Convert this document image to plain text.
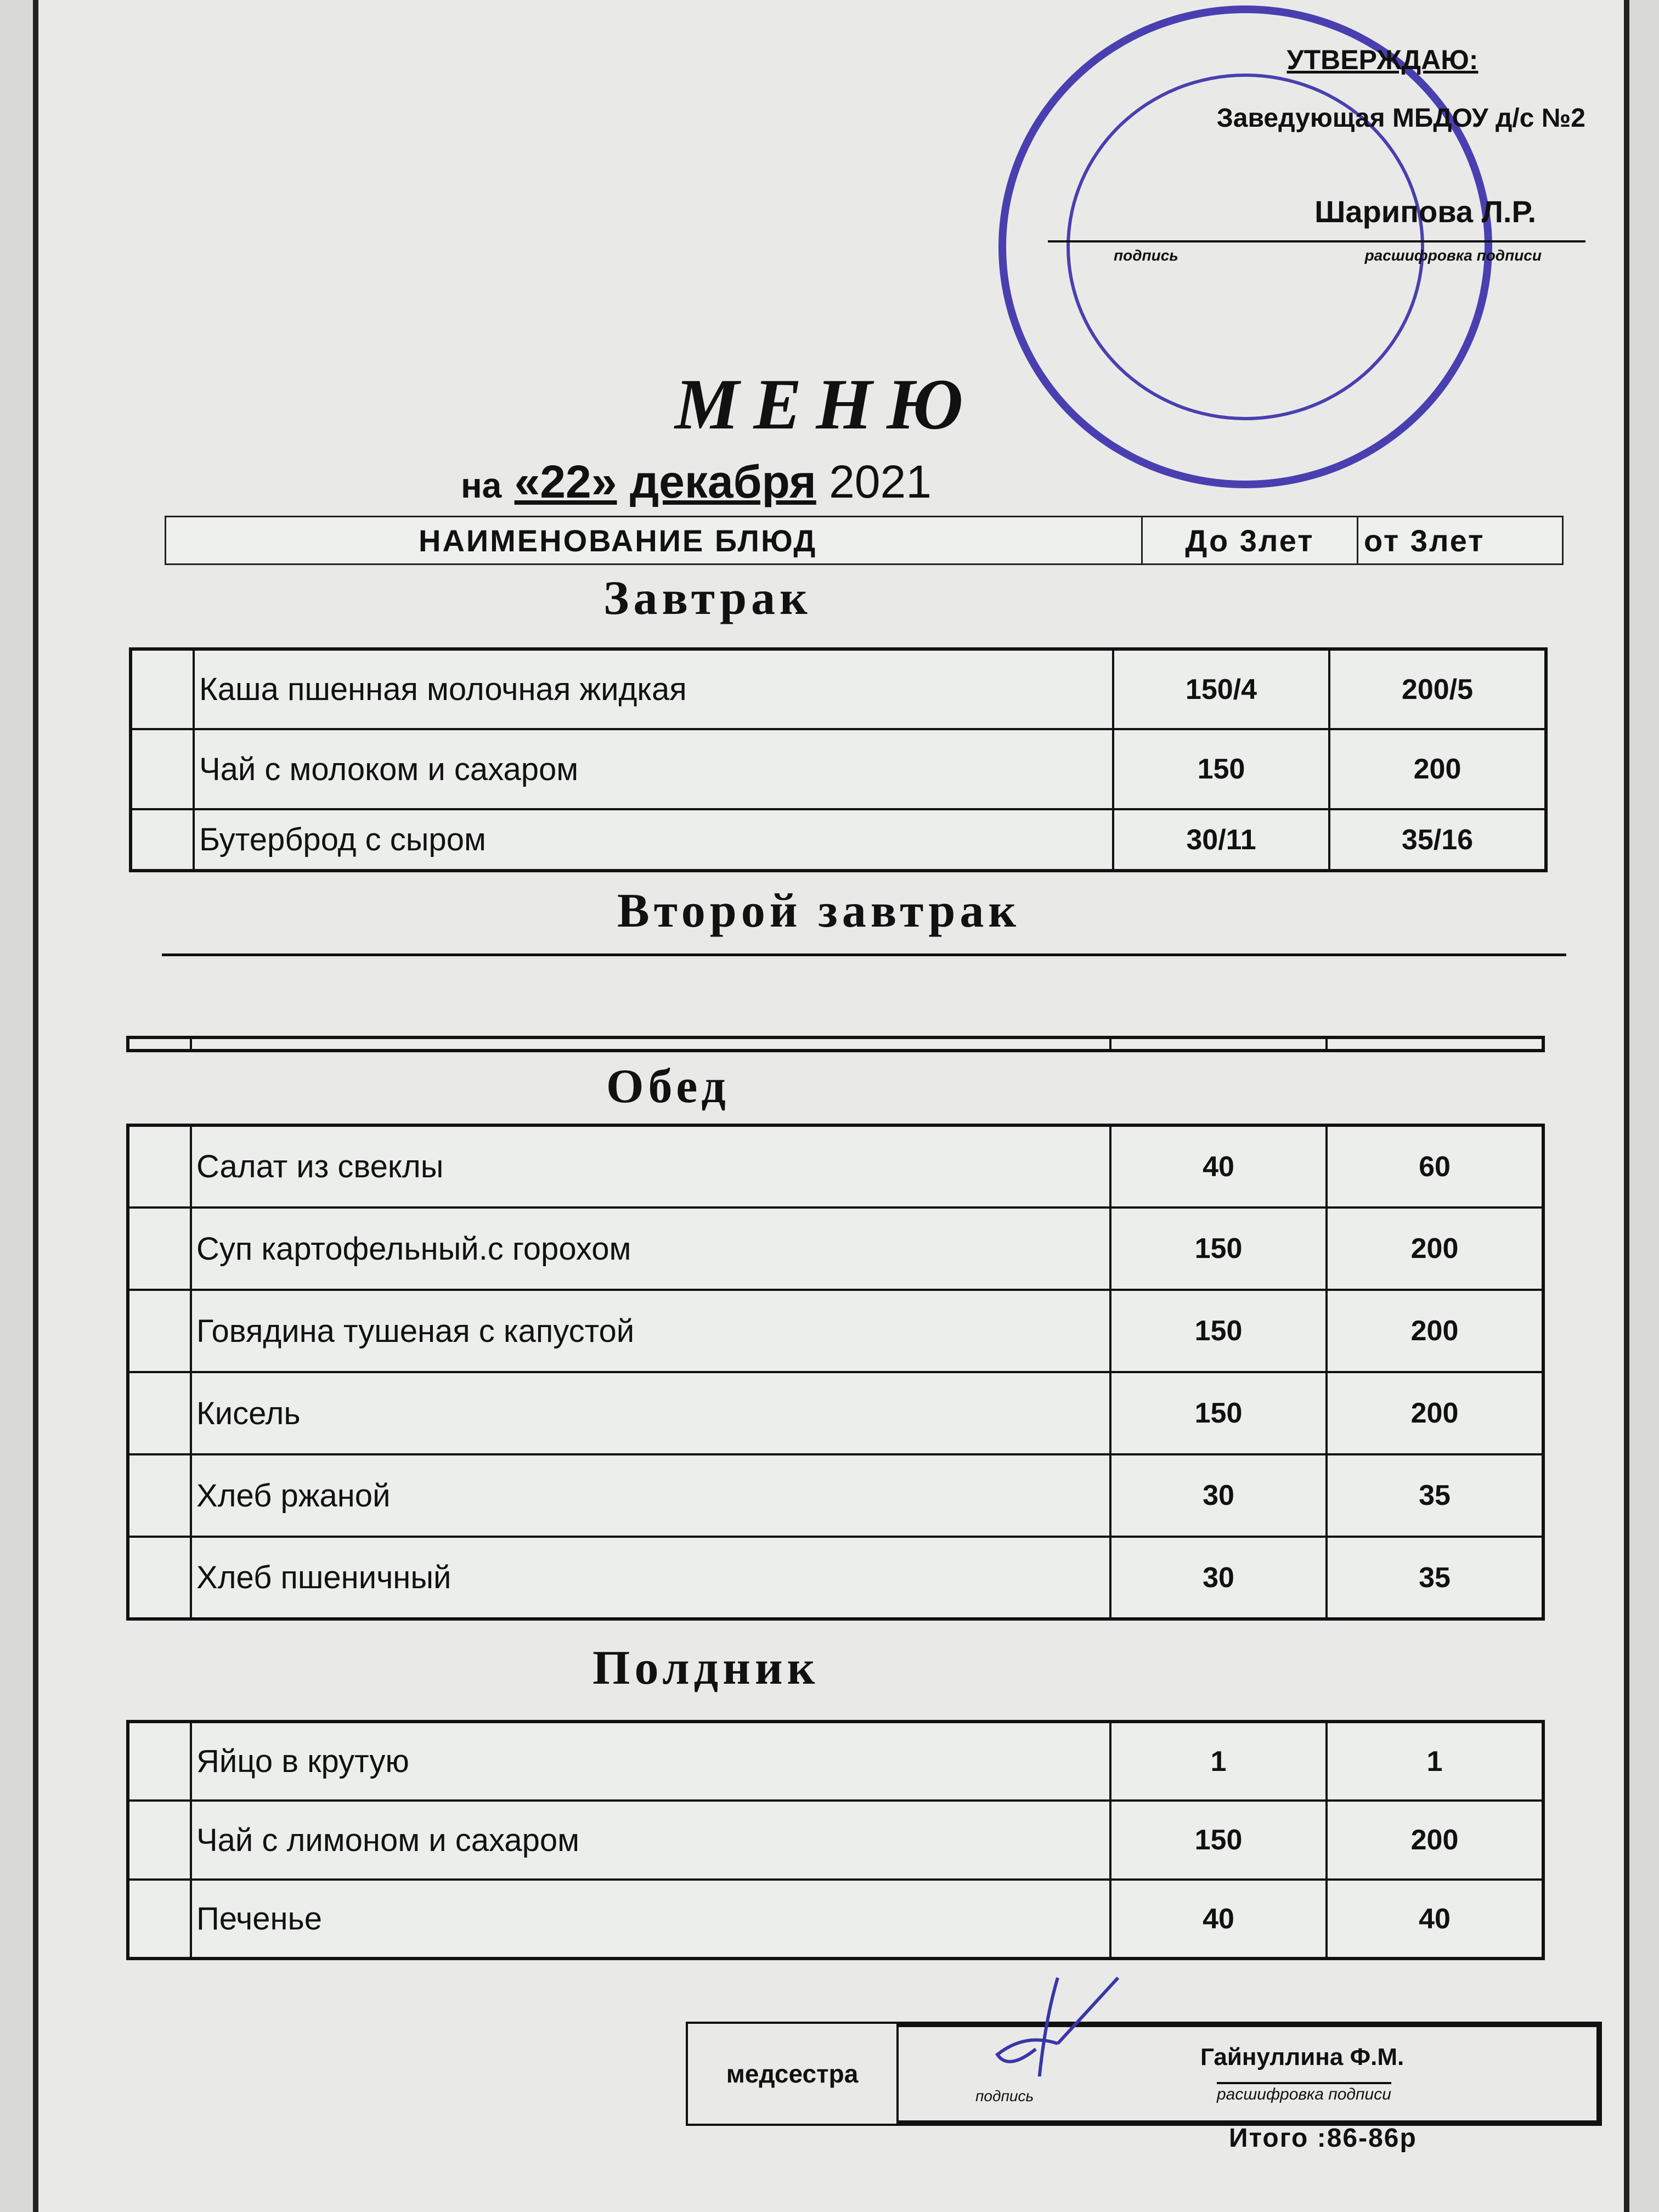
УТВЕРЖДАЮ:
Заведующая МБДОУ д/с №2
Шарипова Л.Р.
подпись	расшифровка подписи
МЕНЮ
на «22» декабря 2021
НАИМЕНОВАНИЕ БЛЮД	До 3лет	от 3лет
Завтрак
	Каша пшенная молочная жидкая	150/4	200/5
	Чай с молоком и сахаром	150	200
	Бутерброд с сыром	30/11	35/16
Второй завтрак

Обед
	Салат из свеклы	40	60
	Суп картофельный.с горохом	150	200
	Говядина тушеная с капустой	150	200
	Кисель	150	200
	Хлеб ржаной	30	35
	Хлеб пшеничный	30	35
Полдник
	Яйцо в крутую	1	1
	Чай с лимоном и сахаром	150	200
	Печенье	40	40
медсестра
подпись
Гайнуллина Ф.М.
расшифровка подписи
Итого :86-86р
